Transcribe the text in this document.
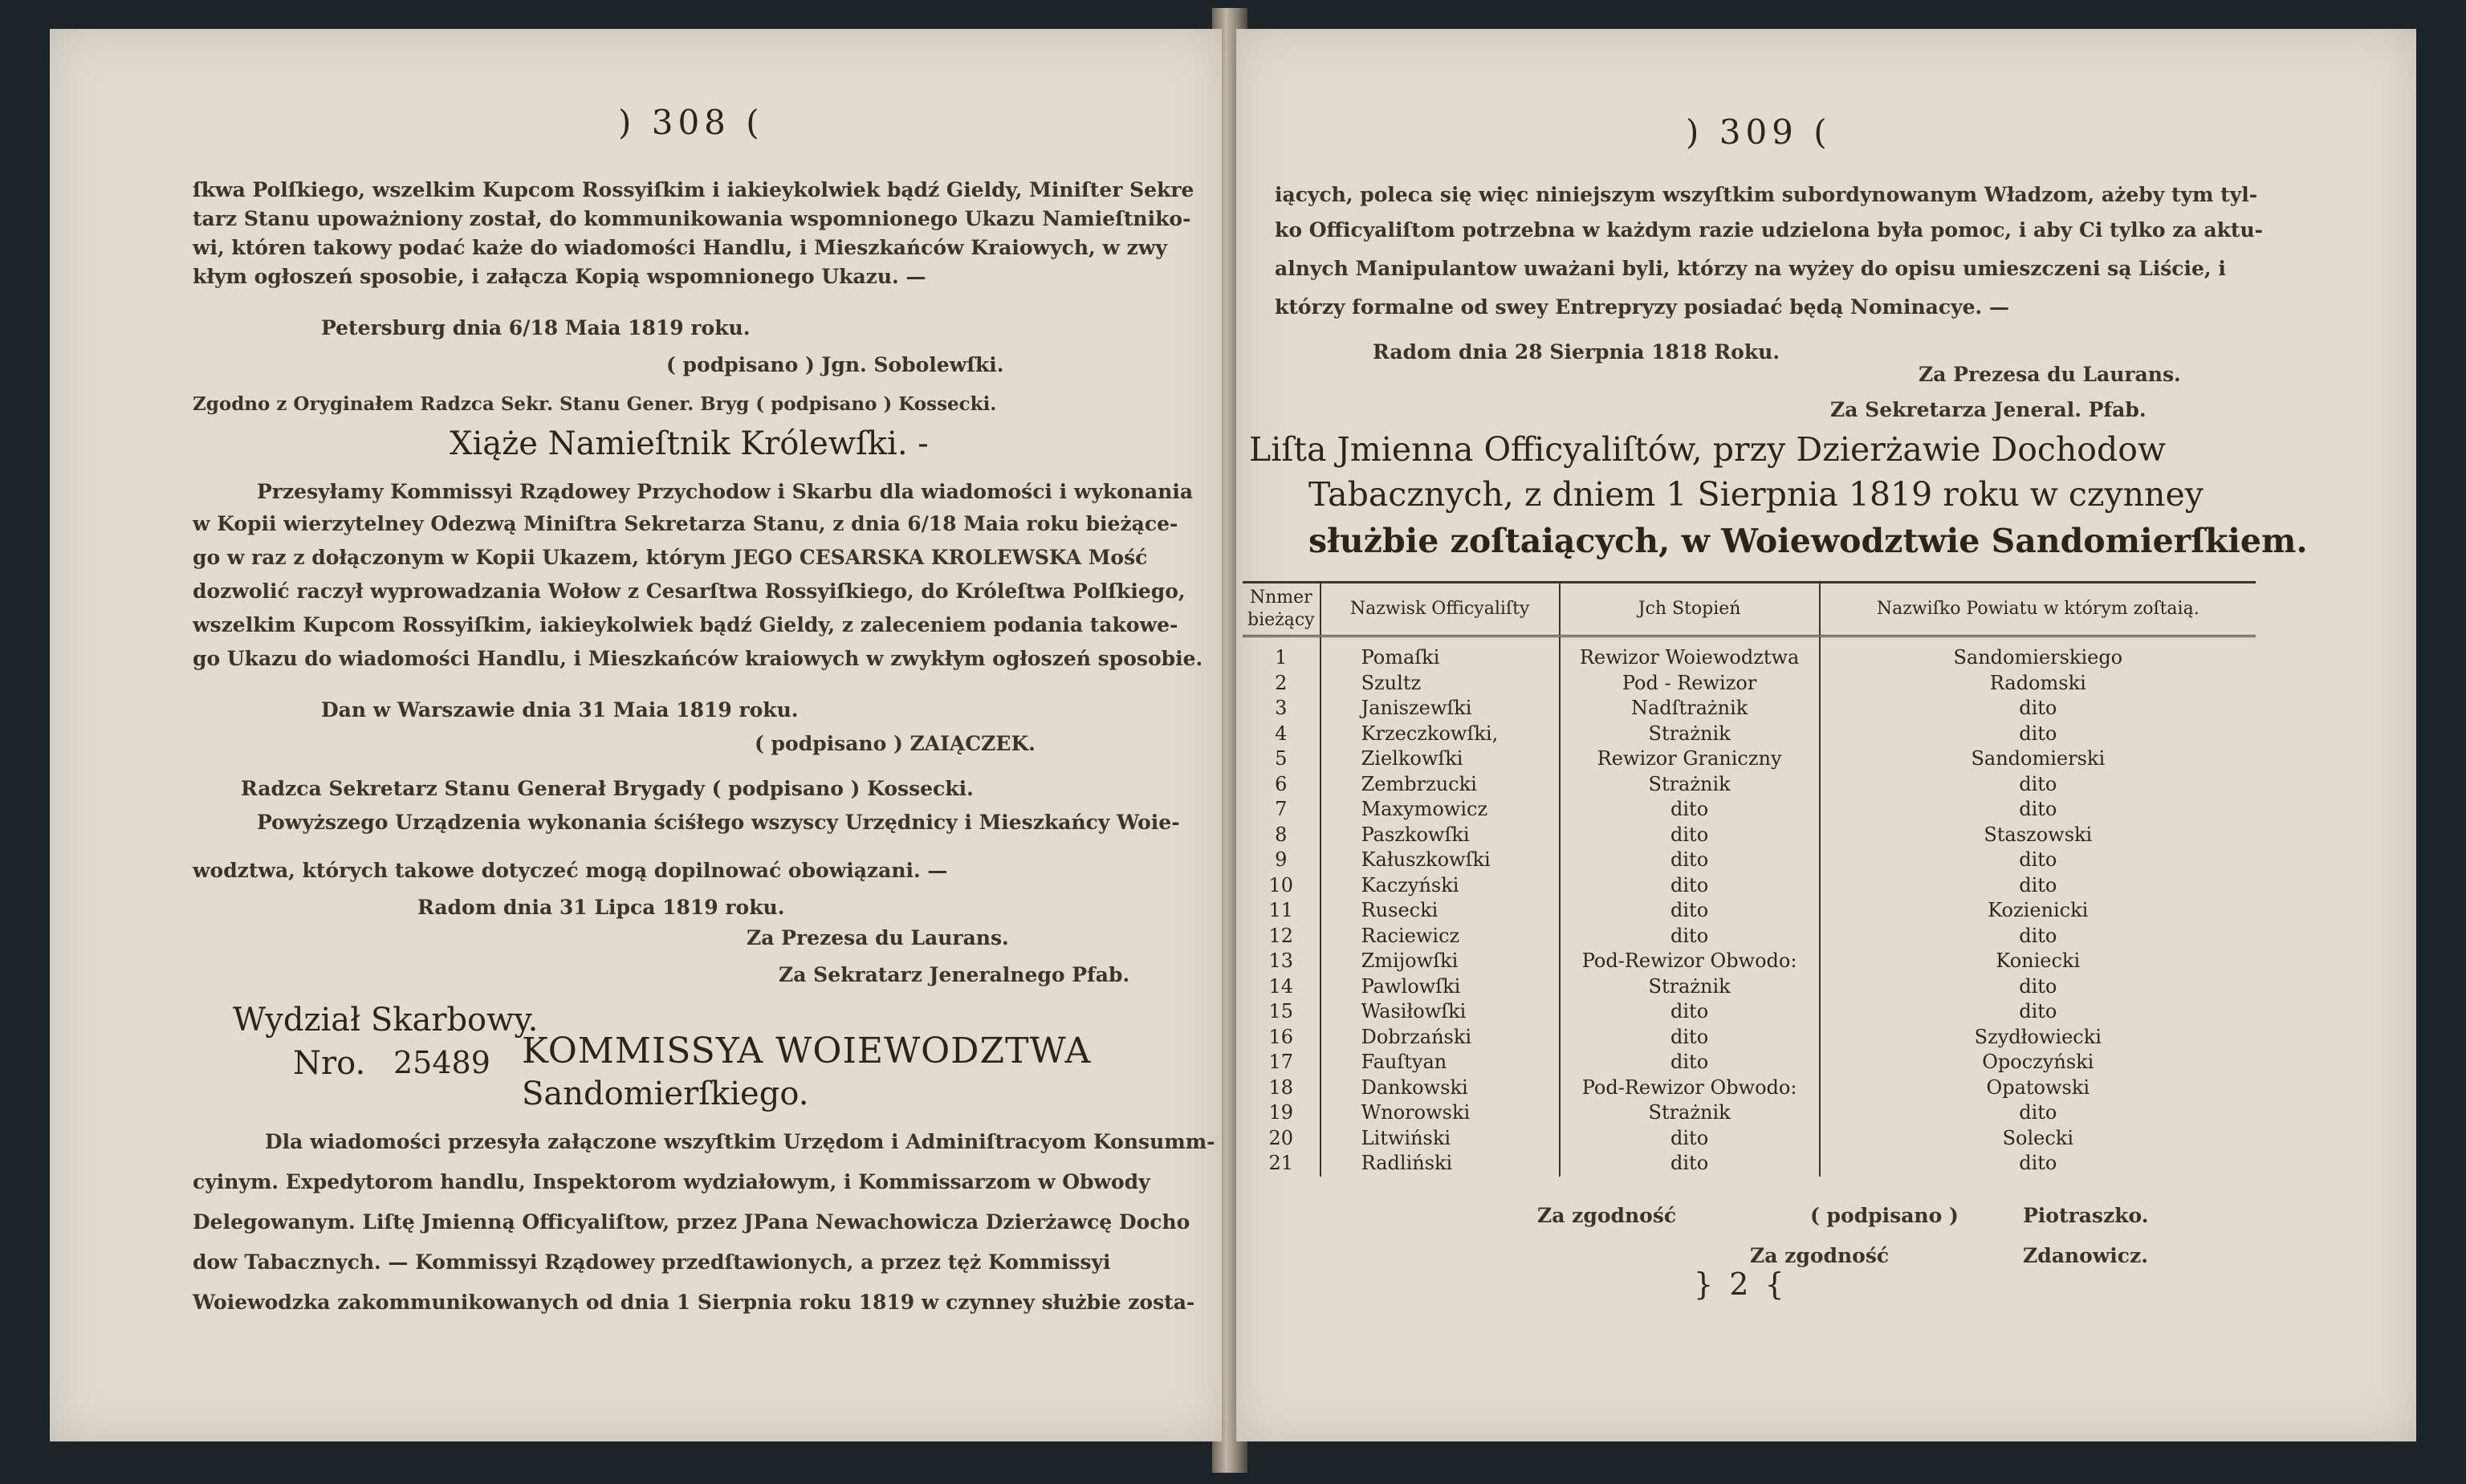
) 308 (
ſkwa Polſkiego, wszelkim Kupcom Rossyiſkim i iakieykolwiek bądź Gieldy, Miniſter Sekre
tarz Stanu upoważniony został, do kommunikowania wspomnionego Ukazu Namieſtniko-
wi, któren takowy podać każe do wiadomości Handlu, i Mieszkańców Kraiowych, w zwy
kłym ogłoszeń sposobie, i załącza Kopią wspomnionego Ukazu. —
Petersburg dnia 6/18 Maia 1819 roku.
( podpisano ) Jgn. Sobolewſki.
Zgodno z Oryginałem Radzca Sekr. Stanu Gener. Bryg ( podpisano ) Kossecki.
Xiąże Namieſtnik Królewſki. -
Przesyłamy Kommissyi Rządowey Przychodow i Skarbu dla wiadomości i wykonania
w Kopii wierzytelney Odezwą Miniſtra Sekretarza Stanu, z dnia 6/18 Maia roku bieżące-
go w raz z dołączonym w Kopii Ukazem, którym JEGO CESARSKA KROLEWSKA Mość
dozwolić raczył wyprowadzania Wołow z Cesarſtwa Rossyiſkiego, do Króleſtwa Polſkiego,
wszelkim Kupcom Rossyiſkim, iakieykolwiek bądź Gieldy, z zaleceniem podania takowe-
go Ukazu do wiadomości Handlu, i Mieszkańców kraiowych w zwykłym ogłoszeń sposobie.
Dan w Warszawie dnia 31 Maia 1819 roku.
( podpisano ) ZAIĄCZEK.
Radzca Sekretarz Stanu Generał Brygady ( podpisano ) Kossecki.
Powyższego Urządzenia wykonania ściśłego wszyscy Urzędnicy i Mieszkańcy Woie-
wodztwa, których takowe dotyczeć mogą dopilnować obowiązani. —
Radom dnia 31 Lipca 1819 roku.
Za Prezesa du Laurans.
Za Sekratarz Jeneralnego Pfab.
Wydział Skarbowy.
Nro. 25489 KOMMISSYA WOIEWODZTWA
Sandomierſkiego.
Dla wiadomości przesyła załączone wszyſtkim Urzędom i Adminiſtracyom Konsumm-
cyinym. Expedytorom handlu, Inspektorom wydziałowym, i Kommissarzom w Obwody
Delegowanym. Liſtę Jmienną Officyaliſtow, przez JPana Newachowicza Dzierżawcę Docho
dow Tabacznych. — Kommissyi Rządowey przedſtawionych, a przez tęż Kommissyi
Woiewodzka zakommunikowanych od dnia 1 Sierpnia roku 1819 w czynney służbie zosta-
) 309 (
iących, poleca się więc niniejszym wszyſtkim subordynowanym Władzom, ażeby tym tyl-
ko Officyaliſtom potrzebna w każdym razie udzielona była pomoc, i aby Ci tylko za aktu-
alnych Manipulantow uważani byli, którzy na wyżey do opisu umieszczeni są Liście, i
którzy formalne od swey Entrepryzy posiadać będą Nominacye. —
Radom dnia 28 Sierpnia 1818 Roku.
Za Prezesa du Laurans.
Za Sekretarza Jeneral. Pfab.
Liſta Jmienna Officyaliſtów, przy Dzierżawie Dochodow
Tabacznych, z dniem 1 Sierpnia 1819 roku w czynney
służbie zoſtaiących, w Woiewodztwie Sandomierſkiem.
Nnmer bieżący	Nazwisk Officyaliſty	Jch Stopień	Nazwiſko Powiatu w którym zoſtaią.
1	Pomaſki	Rewizor Woiewodztwa	Sandomierskiego
2	Szultz	Pod - Rewizor	Radomski
3	Janiszewſki	Nadſtrażnik	dito
4	Krzeczkowſki,	Strażnik	dito
5	Zielkowſki	Rewizor Graniczny	Sandomierski
6	Zembrzucki	Strażnik	dito
7	Maxymowicz	dito	dito
8	Paszkowſki	dito	Staszowski
9	Kałuszkowſki	dito	dito
10	Kaczyński	dito	dito
11	Rusecki	dito	Kozienicki
12	Raciewicz	dito	dito
13	Zmijowſki	Pod-Rewizor Obwodo:	Koniecki
14	Pawlowſki	Strażnik	dito
15	Wasiłowſki	dito	dito
16	Dobrzański	dito	Szydłowiecki
17	Fauſtyan	dito	Opoczyński
18	Dankowski	Pod-Rewizor Obwodo:	Opatowski
19	Wnorowski	Strażnik	dito
20	Litwiński	dito	Solecki
21	Radliński	dito	dito
Za zgodność	( podpisano )	Piotraszko.
Za zgodność	Zdanowicz.
} 2 {
